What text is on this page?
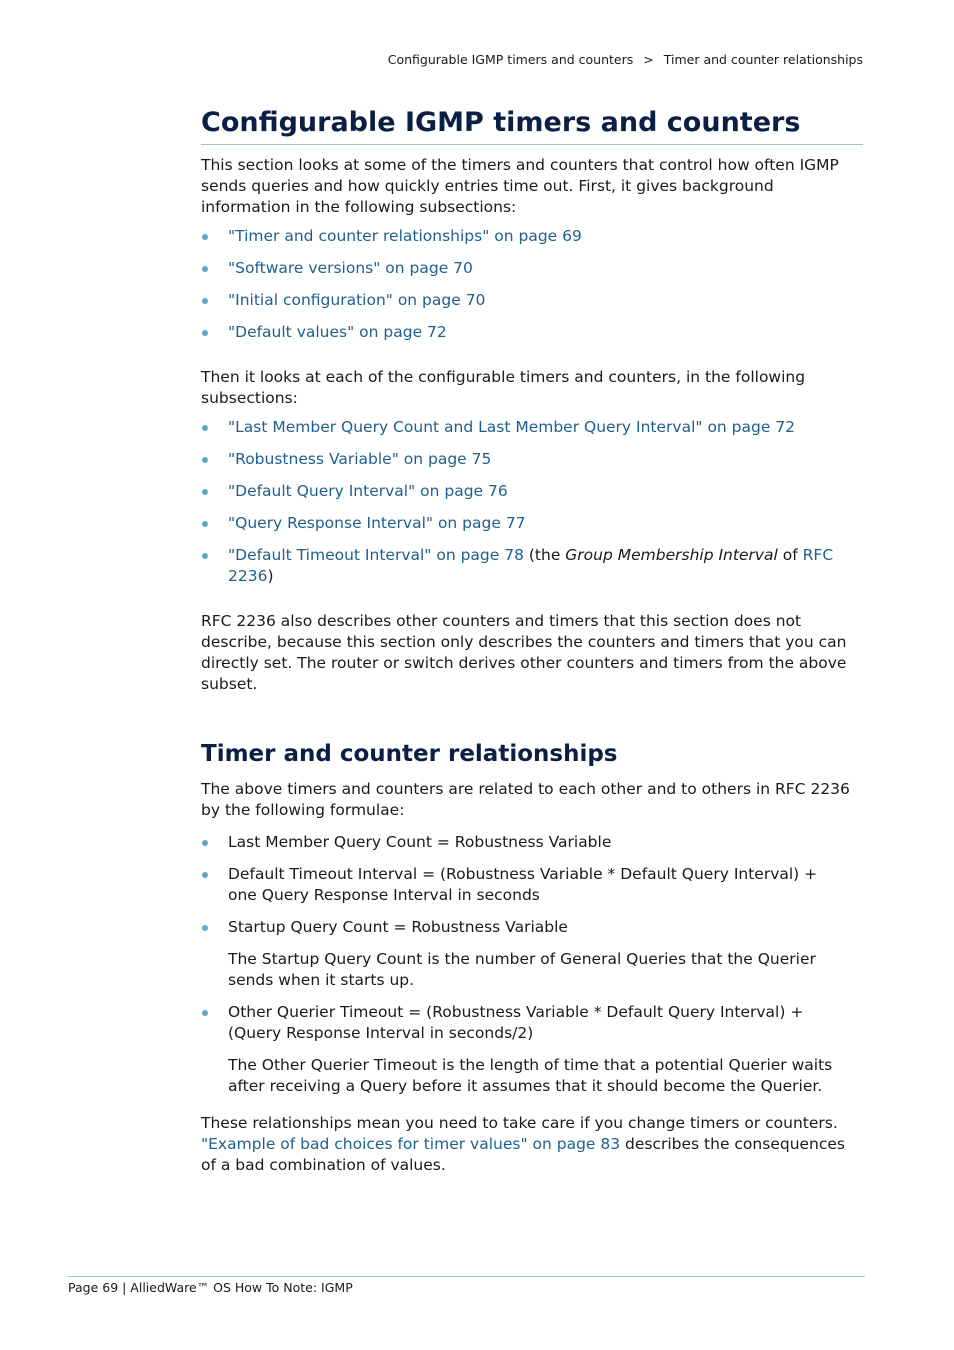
Configurable IGMP timers and counters > Timer and counter relationships
Configurable IGMP timers and counters

This section looks at some of the timers and counters that control how often IGMP sends queries and how quickly entries time out. First, it gives background information in the following subsections:

"Timer and counter relationships" on page 69
"Software versions" on page 70
"Initial configuration" on page 70
"Default values" on page 72

Then it looks at each of the configurable timers and counters, in the following subsections:

"Last Member Query Count and Last Member Query Interval" on page 72
"Robustness Variable" on page 75
"Default Query Interval" on page 76
"Query Response Interval" on page 77
"Default Timeout Interval" on page 78 (the Group Membership Interval of RFC 2236)

RFC 2236 also describes other counters and timers that this section does not describe, because this section only describes the counters and timers that you can directly set. The router or switch derives other counters and timers from the above subset.

Timer and counter relationships

The above timers and counters are related to each other and to others in RFC 2236 by the following formulae:

Last Member Query Count = Robustness Variable
Default Timeout Interval = (Robustness Variable * Default Query Interval) +
one Query Response Interval in seconds
Startup Query Count = Robustness Variable
The Startup Query Count is the number of General Queries that the Querier sends when it starts up.
Other Querier Timeout = (Robustness Variable * Default Query Interval) +
(Query Response Interval in seconds/2)
The Other Querier Timeout is the length of time that a potential Querier waits after receiving a Query before it assumes that it should become the Querier.

These relationships mean you need to take care if you change timers or counters. "Example of bad choices for timer values" on page 83 describes the consequences of a bad combination of values.

Page 69 | AlliedWare™ OS How To Note: IGMP
